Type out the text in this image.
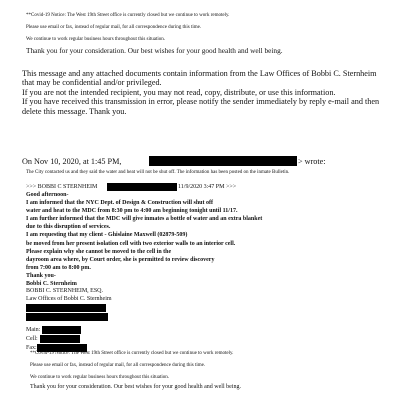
**Covid-19 Notice: The West 19th Street office is currently closed but we continue to work remotely.
Please use email or fax, instead of regular mail, for all correspondence during this time.
We continue to work regular business hours throughout this situation.
Thank you for your consideration. Our best wishes for your good health and well being.
This message and any attached documents contain information from the Law Offices of Bobbi C. Sternheim
that may be confidential and/or privileged.
If you are not the intended recipient, you may not read, copy, distribute, or use this information.
If you have received this transmission in error, please notify the sender immediately by reply e-mail and then
delete this message. Thank you.
On Nov 10, 2020, at 1:45 PM,	> wrote:
The City contacted us and they said the water and heat will not be shut off. The information has been posted on the inmate Bulletin.
>>> BOBBI C STERNHEIM	11/9/2020 3:47 PM >>>
Good afternoon-
I am informed that the NYC Dept. of Design & Construction will shut off
water and heat to the MDC from 8:30 pm to 4:00 am beginning tonight until 11/17.
I am further informed that the MDC will give inmates a bottle of water and an extra blanket
due to this disruption of services.
I am requesting that my client - Ghislaine Maxwell (02879-509)
be moved from her present isolation cell with two exterior walls to an interior cell.
Please explain why she cannot be moved to the cell in the
dayroom area where, by Court order, she is permitted to review discovery
from 7:00 am to 8:00 pm.
Thank you-
Bobbi C. Sternheim
BOBBI C. STERNHEIM, ESQ.
Law Offices of Bobbi C. Sternheim
Main:
Cell:
Fax:
**Covid-19 Notice: The West 19th Street office is currently closed but we continue to work remotely.
Please use email or fax, instead of regular mail, for all correspondence during this time.
We continue to work regular business hours throughout this situation.
Thank you for your consideration. Our best wishes for your good health and well being.
